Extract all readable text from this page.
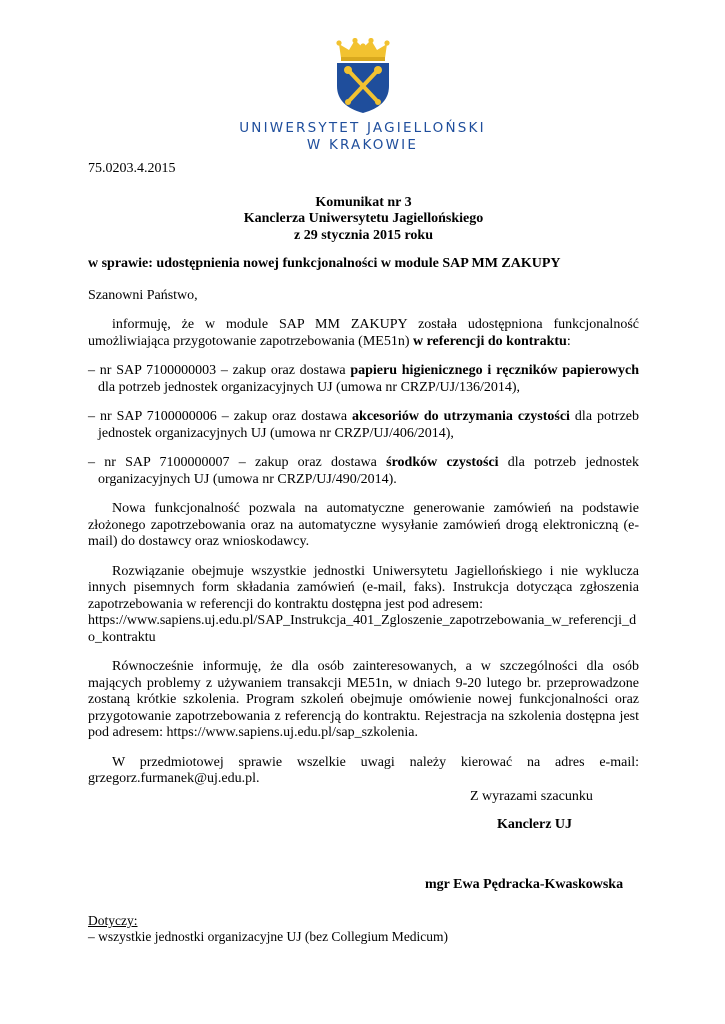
UNIWERSYTET JAGIELLOŃSKI
W KRAKOWIE

75.0203.4.2015

Komunikat nr 3

Kanclerza Uniwersytetu Jagiellońskiego

z 29 stycznia 2015 roku

w sprawie: udostępnienia nowej funkcjonalności w module SAP MM ZAKUPY

Szanowni Państwo,

informuję, że w module SAP MM ZAKUPY została udostępniona funkcjonalność umożliwiająca przygotowanie zapotrzebowania (ME51n) w referencji do kontraktu:

– nr SAP 7100000003 – zakup oraz dostawa papieru higienicznego i ręczników papierowych dla potrzeb jednostek organizacyjnych UJ (umowa nr CRZP/UJ/136/2014),

– nr SAP 7100000006 – zakup oraz dostawa akcesoriów do utrzymania czystości dla potrzeb jednostek organizacyjnych UJ (umowa nr CRZP/UJ/406/2014),

– nr SAP 7100000007 – zakup oraz dostawa środków czystości dla potrzeb jednostek organizacyjnych UJ (umowa nr CRZP/UJ/490/2014).

Nowa funkcjonalność pozwala na automatyczne generowanie zamówień na podstawie złożonego zapotrzebowania oraz na automatyczne wysyłanie zamówień drogą elektroniczną (e-mail) do dostawcy oraz wnioskodawcy.

Rozwiązanie obejmuje wszystkie jednostki Uniwersytetu Jagiellońskiego i nie wyklucza innych pisemnych form składania zamówień (e-mail, faks). Instrukcja dotycząca zgłoszenia zapotrzebowania w referencji do kontraktu dostępna jest pod adresem:

https://www.sapiens.uj.edu.pl/SAP_Instrukcja_401_Zgloszenie_zapotrzebowania_w_referencji_do_kontraktu

Równocześnie informuję, że dla osób zainteresowanych, a w szczególności dla osób mających problemy z używaniem transakcji ME51n, w dniach 9-20 lutego br. przeprowadzone zostaną krótkie szkolenia. Program szkoleń obejmuje omówienie nowej funkcjonalności oraz przygotowanie zapotrzebowania z referencją do kontraktu. Rejestracja na szkolenia dostępna jest pod adresem: https://www.sapiens.uj.edu.pl/sap_szkolenia.

W przedmiotowej sprawie wszelkie uwagi należy kierować na adres e-mail: grzegorz.furmanek@uj.edu.pl.

Z wyrazami szacunku
Kanclerz UJ
mgr Ewa Pędracka-Kwaskowska
Dotyczy:
– wszystkie jednostki organizacyjne UJ (bez Collegium Medicum)
